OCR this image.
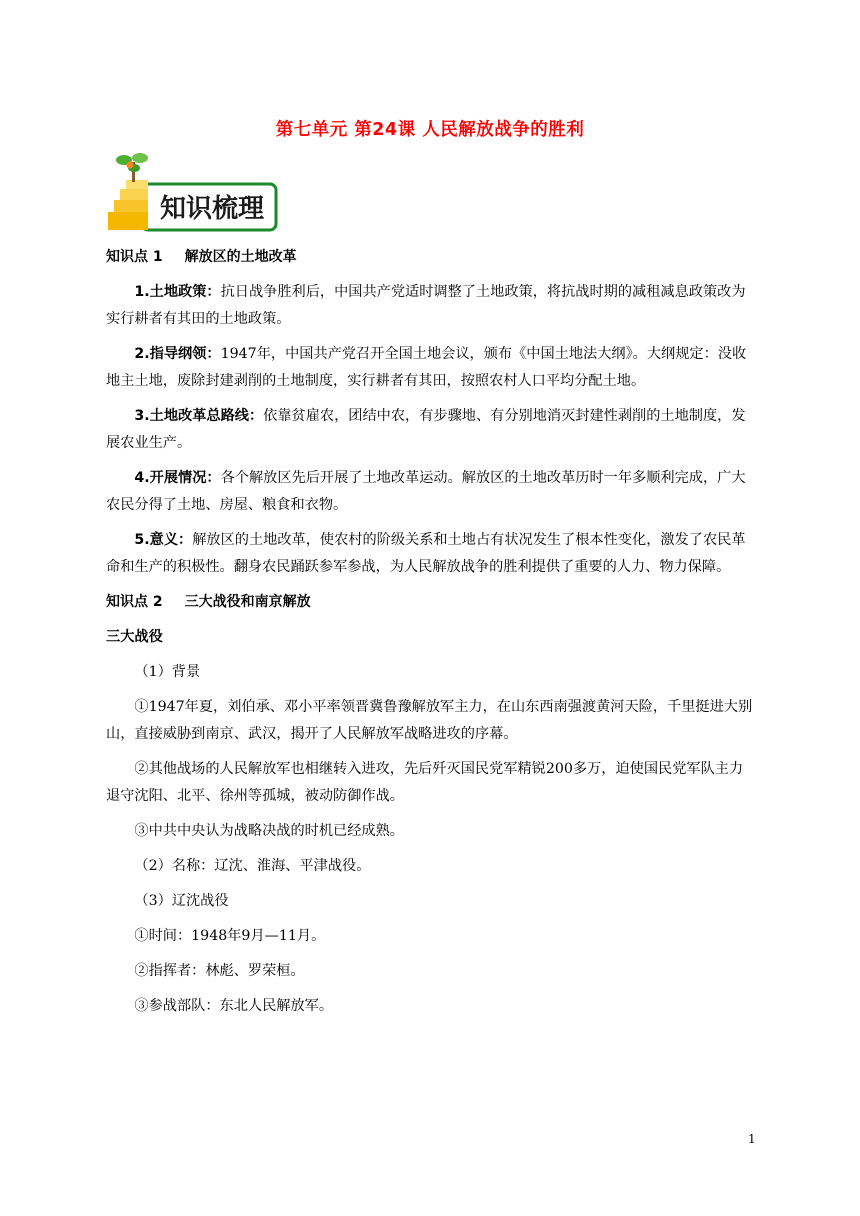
第七单元 第24课 人民解放战争的胜利
知识梳理

知识点 1 解放区的土地改革

1.土地政策：抗日战争胜利后，中国共产党适时调整了土地政策，将抗战时期的减租减息政策改为实行耕者有其田的土地政策。

2.指导纲领：1947年，中国共产党召开全国土地会议，颁布《中国土地法大纲》。大纲规定：没收地主土地，废除封建剥削的土地制度，实行耕者有其田，按照农村人口平均分配土地。

3.土地改革总路线：依靠贫雇农，团结中农，有步骤地、有分别地消灭封建性剥削的土地制度，发展农业生产。

4.开展情况：各个解放区先后开展了土地改革运动。解放区的土地改革历时一年多顺利完成，广大农民分得了土地、房屋、粮食和衣物。

5.意义：解放区的土地改革，使农村的阶级关系和土地占有状况发生了根本性变化，激发了农民革命和生产的积极性。翻身农民踊跃参军参战，为人民解放战争的胜利提供了重要的人力、物力保障。

知识点 2 三大战役和南京解放

三大战役

（1）背景

①1947年夏，刘伯承、邓小平率领晋冀鲁豫解放军主力，在山东西南强渡黄河天险，千里挺进大别山，直接威胁到南京、武汉，揭开了人民解放军战略进攻的序幕。

②其他战场的人民解放军也相继转入进攻，先后歼灭国民党军精锐200多万，迫使国民党军队主力退守沈阳、北平、徐州等孤城，被动防御作战。

③中共中央认为战略决战的时机已经成熟。

（2）名称：辽沈、淮海、平津战役。

（3）辽沈战役

①时间：1948年9月—11月。

②指挥者：林彪、罗荣桓。

③参战部队：东北人民解放军。

1
